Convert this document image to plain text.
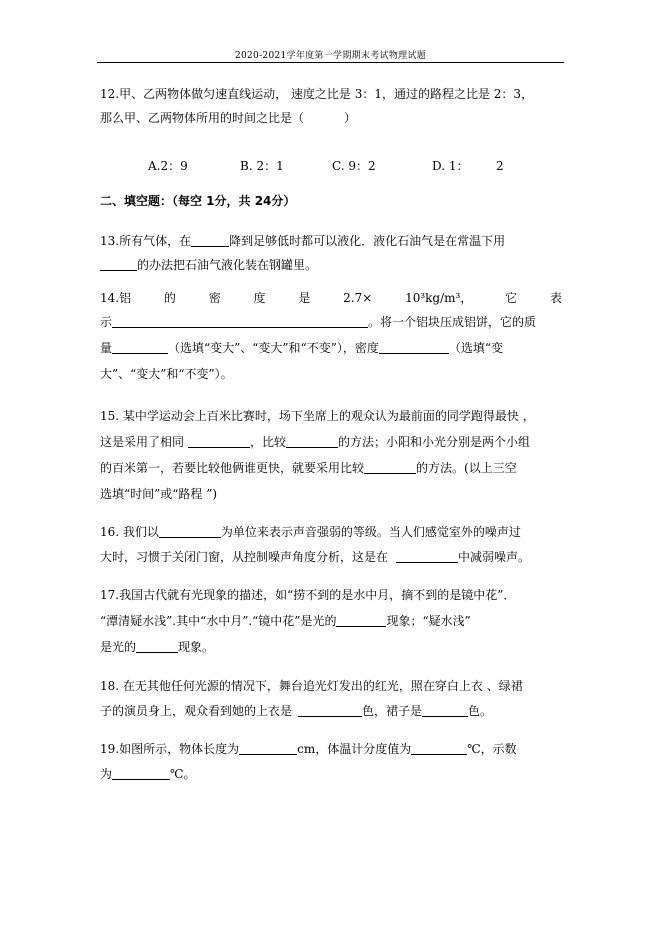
2020-2021学年度第一学期期末考试物理试题
12.甲、乙两物体做匀速直线运动， 速度之比是 3：1，通过的路程之比是 2：3，
那么甲、乙两物体所用的时间之比是（	）
A.2：9	B. 2：1	C. 9：2	D. 1： 2
二、填空题：（每空 1分，共 24分）
13.所有气体，在	降到足够低时都可以液化．液化石油气是在常温下用
的办法把石油气液化装在钢罐里。
14.铝	的	密	度	是	2.7×	10³kg/m³，	它	表
示	。将一个铝块压成铝饼，它的质
量	（选填“变大”、“变大”和“不变”），密度	（选填“变
大”、“变大”和“不变”）。
15. 某中学运动会上百米比赛时，场下坐席上的观众认为最前面的同学跑得最快 ，
这是采用了相同	，比较	的方法；小阳和小光分别是两个小组
的百米第一，若要比较他俩谁更快，就要采用比较	的方法。(以上三空
选填“时间”或“路程 ”)
16. 我们以	为单位来表示声音强弱的等级。当人们感觉室外的噪声过
大时，习惯于关闭门窗，从控制噪声角度分析，这是在	中减弱噪声。
17.我国古代就有光现象的描述，如“捞不到的是水中月，摘不到的是镜中花”．
“潭清疑水浅”.其中“水中月”.“镜中花”是光的	现象；“疑水浅”
是光的	现象。
18. 在无其他任何光源的情况下，舞台追光灯发出的红光，照在穿白上衣 、绿裙
子的演员身上，观众看到她的上衣是	色，裙子是	色。
19.如图所示，物体长度为	cm，体温计分度值为	℃，示数
为	℃。
